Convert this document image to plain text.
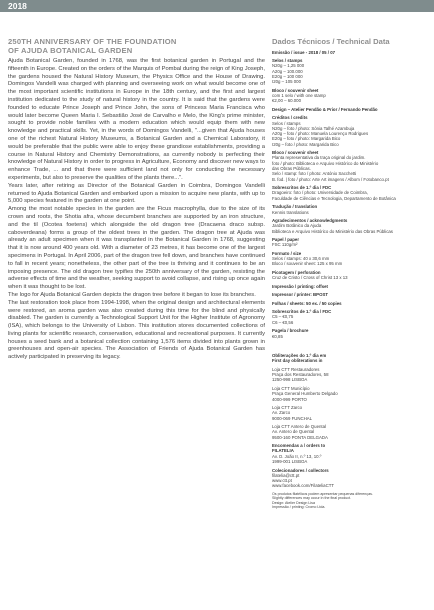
2018
250TH ANNIVERSARY OF THE FOUNDATION
OF AJUDA BOTANICAL GARDEN

Ajuda Botanical Garden, founded in 1768, was the first botanical garden in Portugal and the fifteenth in Europe. Created on the orders of the Marquis of Pombal during the reign of King Joseph, the gardens housed the Natural History Museum, the Physics Office and the House of Drawing. Domingos Vandelli was charged with planning and overseeing work on what would become one of the most important scientific institutions in Europe in the 18th century, and the first and largest institution dedicated to the study of natural history in the country. It is said that the gardens were founded to educate Prince Joseph and Prince John, the sons of Princess Maria Francisca who would later become Queen Maria I. Sebastião José de Carvalho e Melo, the King's prime minister, sought to provide noble families with a modern education which would equip them with new knowledge and practical skills. Yet, in the words of Domingos Vandelli, "...given that Ajuda houses one of the richest Natural History Museums, a Botanical Garden and a Chemical Laboratory, it would be preferable that the public were able to enjoy these grandiose establishments, providing a course in Natural History and Chemistry Demonstrations, as currently nobody is perfecting their knowledge of Natural History in order to progress in Agriculture, Economy and discover new ways to enhance Trade, ... and that there were sufficient land not only for conducting the necessary experiments, but also to preserve the qualities of the plants there...".

Years later, after retiring as Director of the Botanical Garden in Coimbra, Domingos Vandelli returned to Ajuda Botanical Garden and embarked upon a mission to acquire new plants, with up to 5,000 species featured in the garden at one point.

Among the most notable species in the garden are the Ficus macrophylla, due to the size of its crown and roots, the Shotia afra, whose decumbent branches are supported by an iron structure, and the til (Ocotea foetens) which alongside the old dragon tree (Dracaena draco subsp. caboverdeana) forms a group of the oldest trees in the garden. The dragon tree at Ajuda was already an adult specimen when it was transplanted in the Botanical Garden in 1768, suggesting that it is now around 400 years old. With a diameter of 23 metres, it has become one of the largest specimens in Portugal. In April 2006, part of the dragon tree fell down, and branches have continued to fall in recent years; nonetheless, the other part of the tree is thriving and it continues to be an imposing presence. The old dragon tree typifies the 250th anniversary of the garden, resisting the adverse effects of time and the weather, seeking support to avoid collapse, and rising up once again when it was thought to be lost.

The logo for Ajuda Botanical Garden depicts the dragon tree before it began to lose its branches.

The last restoration took place from 1994-1998, when the original design and architectural elements were restored, an aroma garden was also created during this time for the blind and physically disabled. The garden is currently a Technological Support Unit for the Higher Institute of Agronomy (ISA), which belongs to the University of Lisbon. This institution stores documented collections of living plants for scientific research, conservation, educational and recreational purposes. It currently houses a seed bank and a botanical collection containing 1,576 items divided into plants grown in greenhouses and open-air species. The Association of Friends of Ajuda Botanical Garden has actively participated in preserving its legacy.

Dados Técnicos / Technical Data
Emissão / issue - 2018 / 05 / 07
Selos / stamps
N20g – 1,25 000
A20g – 100.000
E20g – 100 000
I20g – 105 000
Bloco / souvenir sheet
com 1 selo / with one stamp
€2,00 – 60.000
Design – Atelier Pendão & Prior / Fernando Pendão
Créditos / credits
Selos / stamps
N20g – foto / photo: Sónia Talhé Azambuja
A20g – foto / photo: Manuela Lourenço Rodrigues
E20g – foto / photo: Margarida Bico
I20g – foto / photo: Margarida Bico
Bloco / souvenir sheet
Planta representativa da traça original do jardim.
foto / photo: Biblioteca e Arquivo Histórico do Ministério
das Obras Públicas.
Selo / stamp: foto / photo: António Sacchetti
B. fod. | foto / photo: Arte Art imagens / Albom / Fotobanco.pt
Sobrescritos de 1.º dia / FDC
Dragoeiro: foto / photo: Universidade de Coimbra,
Faculdade de Ciências e Tecnologia, Departamento de Botânica
Tradução / translation
Kennis translations
Agradecimentos / acknowledgments
Jardim Botânico da Ajuda
Biblioteca e Arquivo Histórico do Ministério das Obras Públicas
Papel / paper
FSC 110g/m²
Formato / size
Selos / stamps: 40 x 30,6 mm
Bloco / souvenir sheet: 125 x 95 mm
Picotagem / perforation
Cruz de Cristo / Cross of Christ 13 x 13
Impressão / printing: offset
Impressor / printer: BPOST
Folhas / sheets: 50 ex. / 50 copies
Sobrescritos de 1.º dia / FDC
C5 – €0,75
C6 – €0,56
Pagela / brochure
€0,85
Obliterações do 1.º dia em
First day obliterations in
Loja CTT Restauradores
Praça dos Restauradores, 58
1250-998 LISBOA
Loja CTT Município
Praça General Humberto Delgado
4000-999 PORTO
Loja CTT Zarco
Av. Zarco
9000-069 FUNCHAL
Loja CTT Antero de Quental
Av. Antero de Quental
9500-160 PONTA DELGADA
Encomendas a / orders to
FILATELIA
Av. D. João II, n.º 13, 10.º
1999-001 LISBOA
Colecionadores / collectors
filatelia@ctt.pt
www.ctt.pt
www.facebook.com/FilateliaCTT
Os produtos filatélicos podem apresentar pequenas diferenças.
Slightly differences may occur in the final product.
Design: Atelier Design Lisa
Impressão / printing: Cromo Ltda.
